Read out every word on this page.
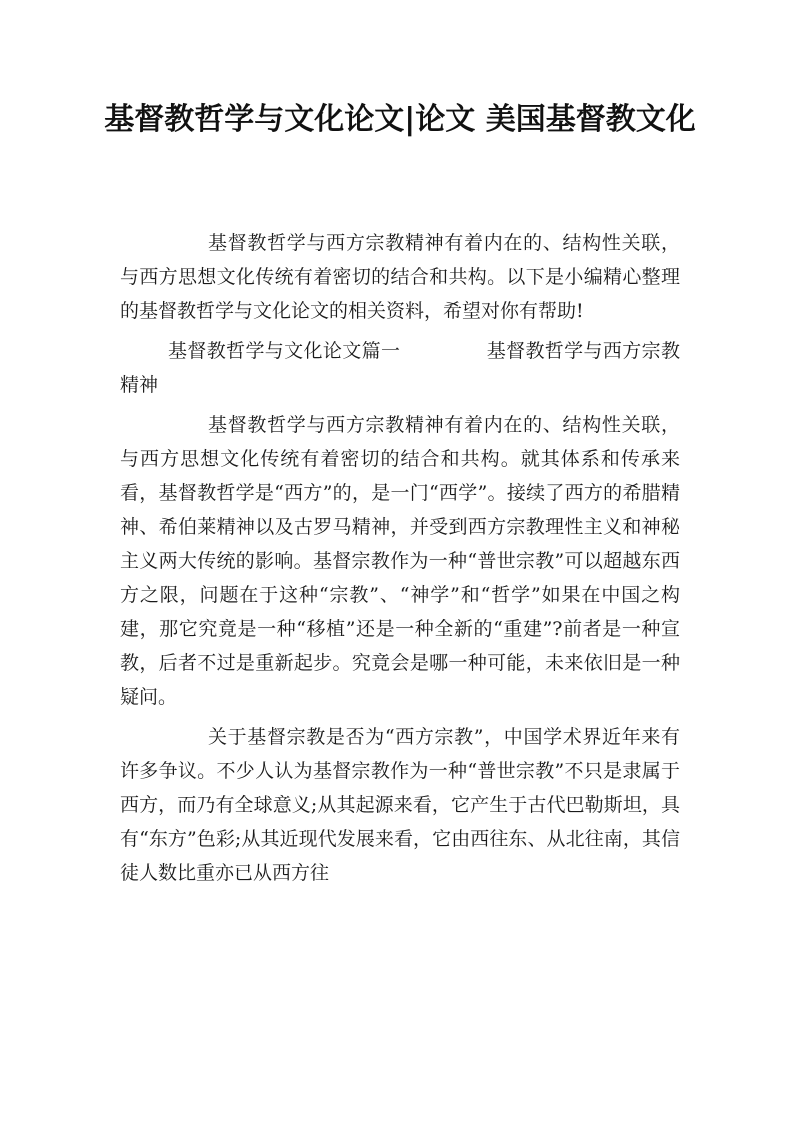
基督教哲学与文化论文|论文 美国基督教文化

基督教哲学与西方宗教精神有着内在的、结构性关联，与西方思想文化传统有着密切的结合和共构。以下是小编精心整理的基督教哲学与文化论文的相关资料，希望对你有帮助!

基督教哲学与文化论文篇一	基督教哲学与西方宗教精神

基督教哲学与西方宗教精神有着内在的、结构性关联，与西方思想文化传统有着密切的结合和共构。就其体系和传承来看，基督教哲学是“西方”的，是一门“西学”。接续了西方的希腊精神、希伯莱精神以及古罗马精神，并受到西方宗教理性主义和神秘主义两大传统的影响。基督宗教作为一种“普世宗教”可以超越东西方之限，问题在于这种“宗教”、“神学”和“哲学”如果在中国之构建，那它究竟是一种“移植”还是一种全新的“重建”?前者是一种宣教，后者不过是重新起步。究竟会是哪一种可能，未来依旧是一种疑问。

关于基督宗教是否为“西方宗教”，中国学术界近年来有许多争议。不少人认为基督宗教作为一种“普世宗教”不只是隶属于西方，而乃有全球意义;从其起源来看，它产生于古代巴勒斯坦，具有“东方”色彩;从其近现代发展来看，它由西往东、从北往南，其信徒人数比重亦已从西方往
